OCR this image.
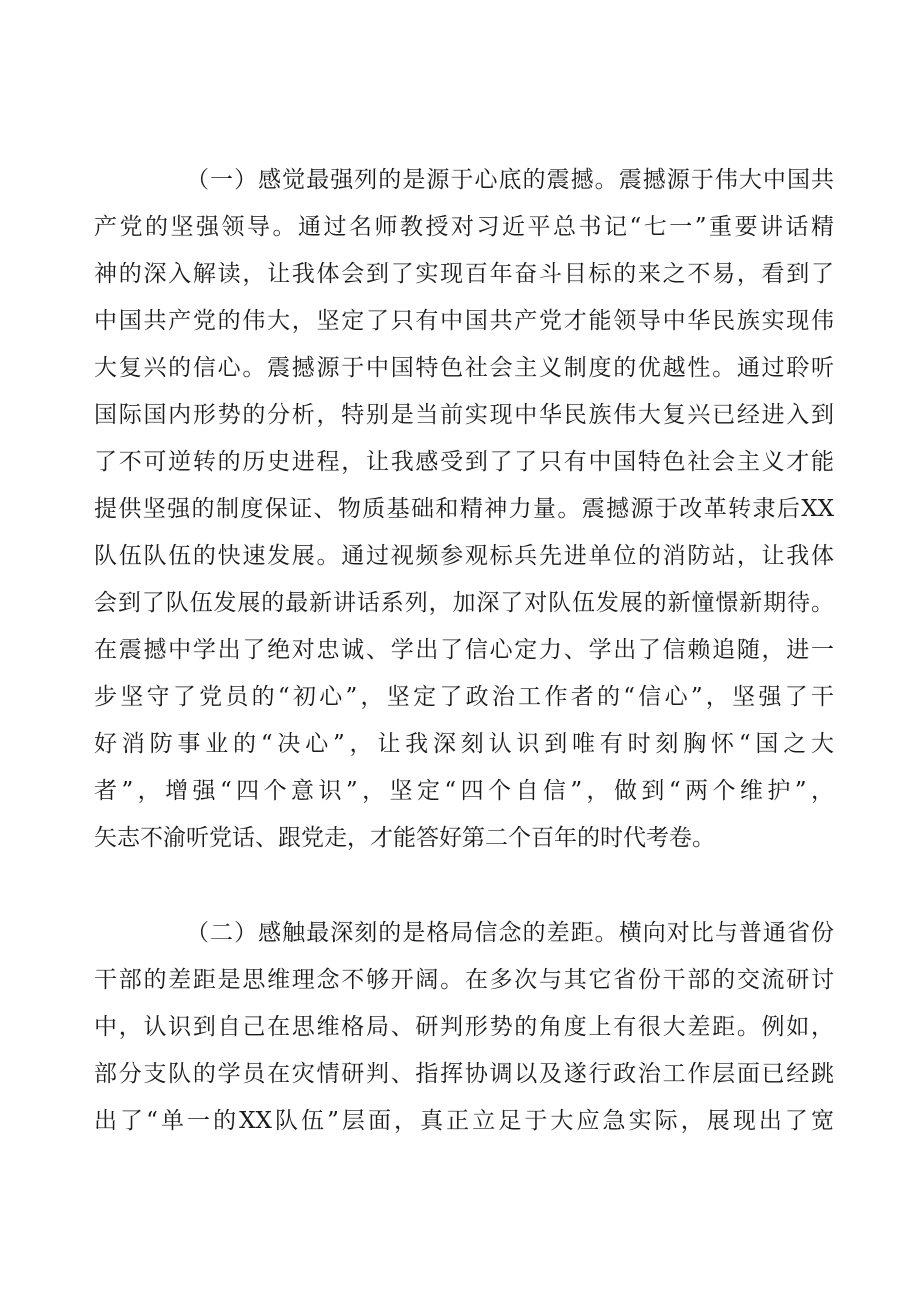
（一）感觉最强列的是源于心底的震撼。震撼源于伟大中国共
产党的坚强领导。通过名师教授对习近平总书记“七一”重要讲话精
神的深入解读，让我体会到了实现百年奋斗目标的来之不易，看到了
中国共产党的伟大，坚定了只有中国共产党才能领导中华民族实现伟
大复兴的信心。震撼源于中国特色社会主义制度的优越性。通过聆听
国际国内形势的分析，特别是当前实现中华民族伟大复兴已经进入到
了不可逆转的历史进程，让我感受到了了只有中国特色社会主义才能
提供坚强的制度保证、物质基础和精神力量。震撼源于改革转隶后XX
队伍队伍的快速发展。通过视频参观标兵先进单位的消防站，让我体
会到了队伍发展的最新讲话系列，加深了对队伍发展的新憧憬新期待。
在震撼中学出了绝对忠诚、学出了信心定力、学出了信赖追随，进一
步坚守了党员的“初心”，坚定了政治工作者的“信心”，坚强了干
好消防事业的“决心”，让我深刻认识到唯有时刻胸怀“国之大
者”，增强“四个意识”，坚定“四个自信”，做到“两个维护”，
矢志不渝听党话、跟党走，才能答好第二个百年的时代考卷。
（二）感触最深刻的是格局信念的差距。横向对比与普通省份
干部的差距是思维理念不够开阔。在多次与其它省份干部的交流研讨
中，认识到自己在思维格局、研判形势的角度上有很大差距。例如，
部分支队的学员在灾情研判、指挥协调以及遂行政治工作层面已经跳
出了“单一的XX队伍”层面，真正立足于大应急实际，展现出了宽
